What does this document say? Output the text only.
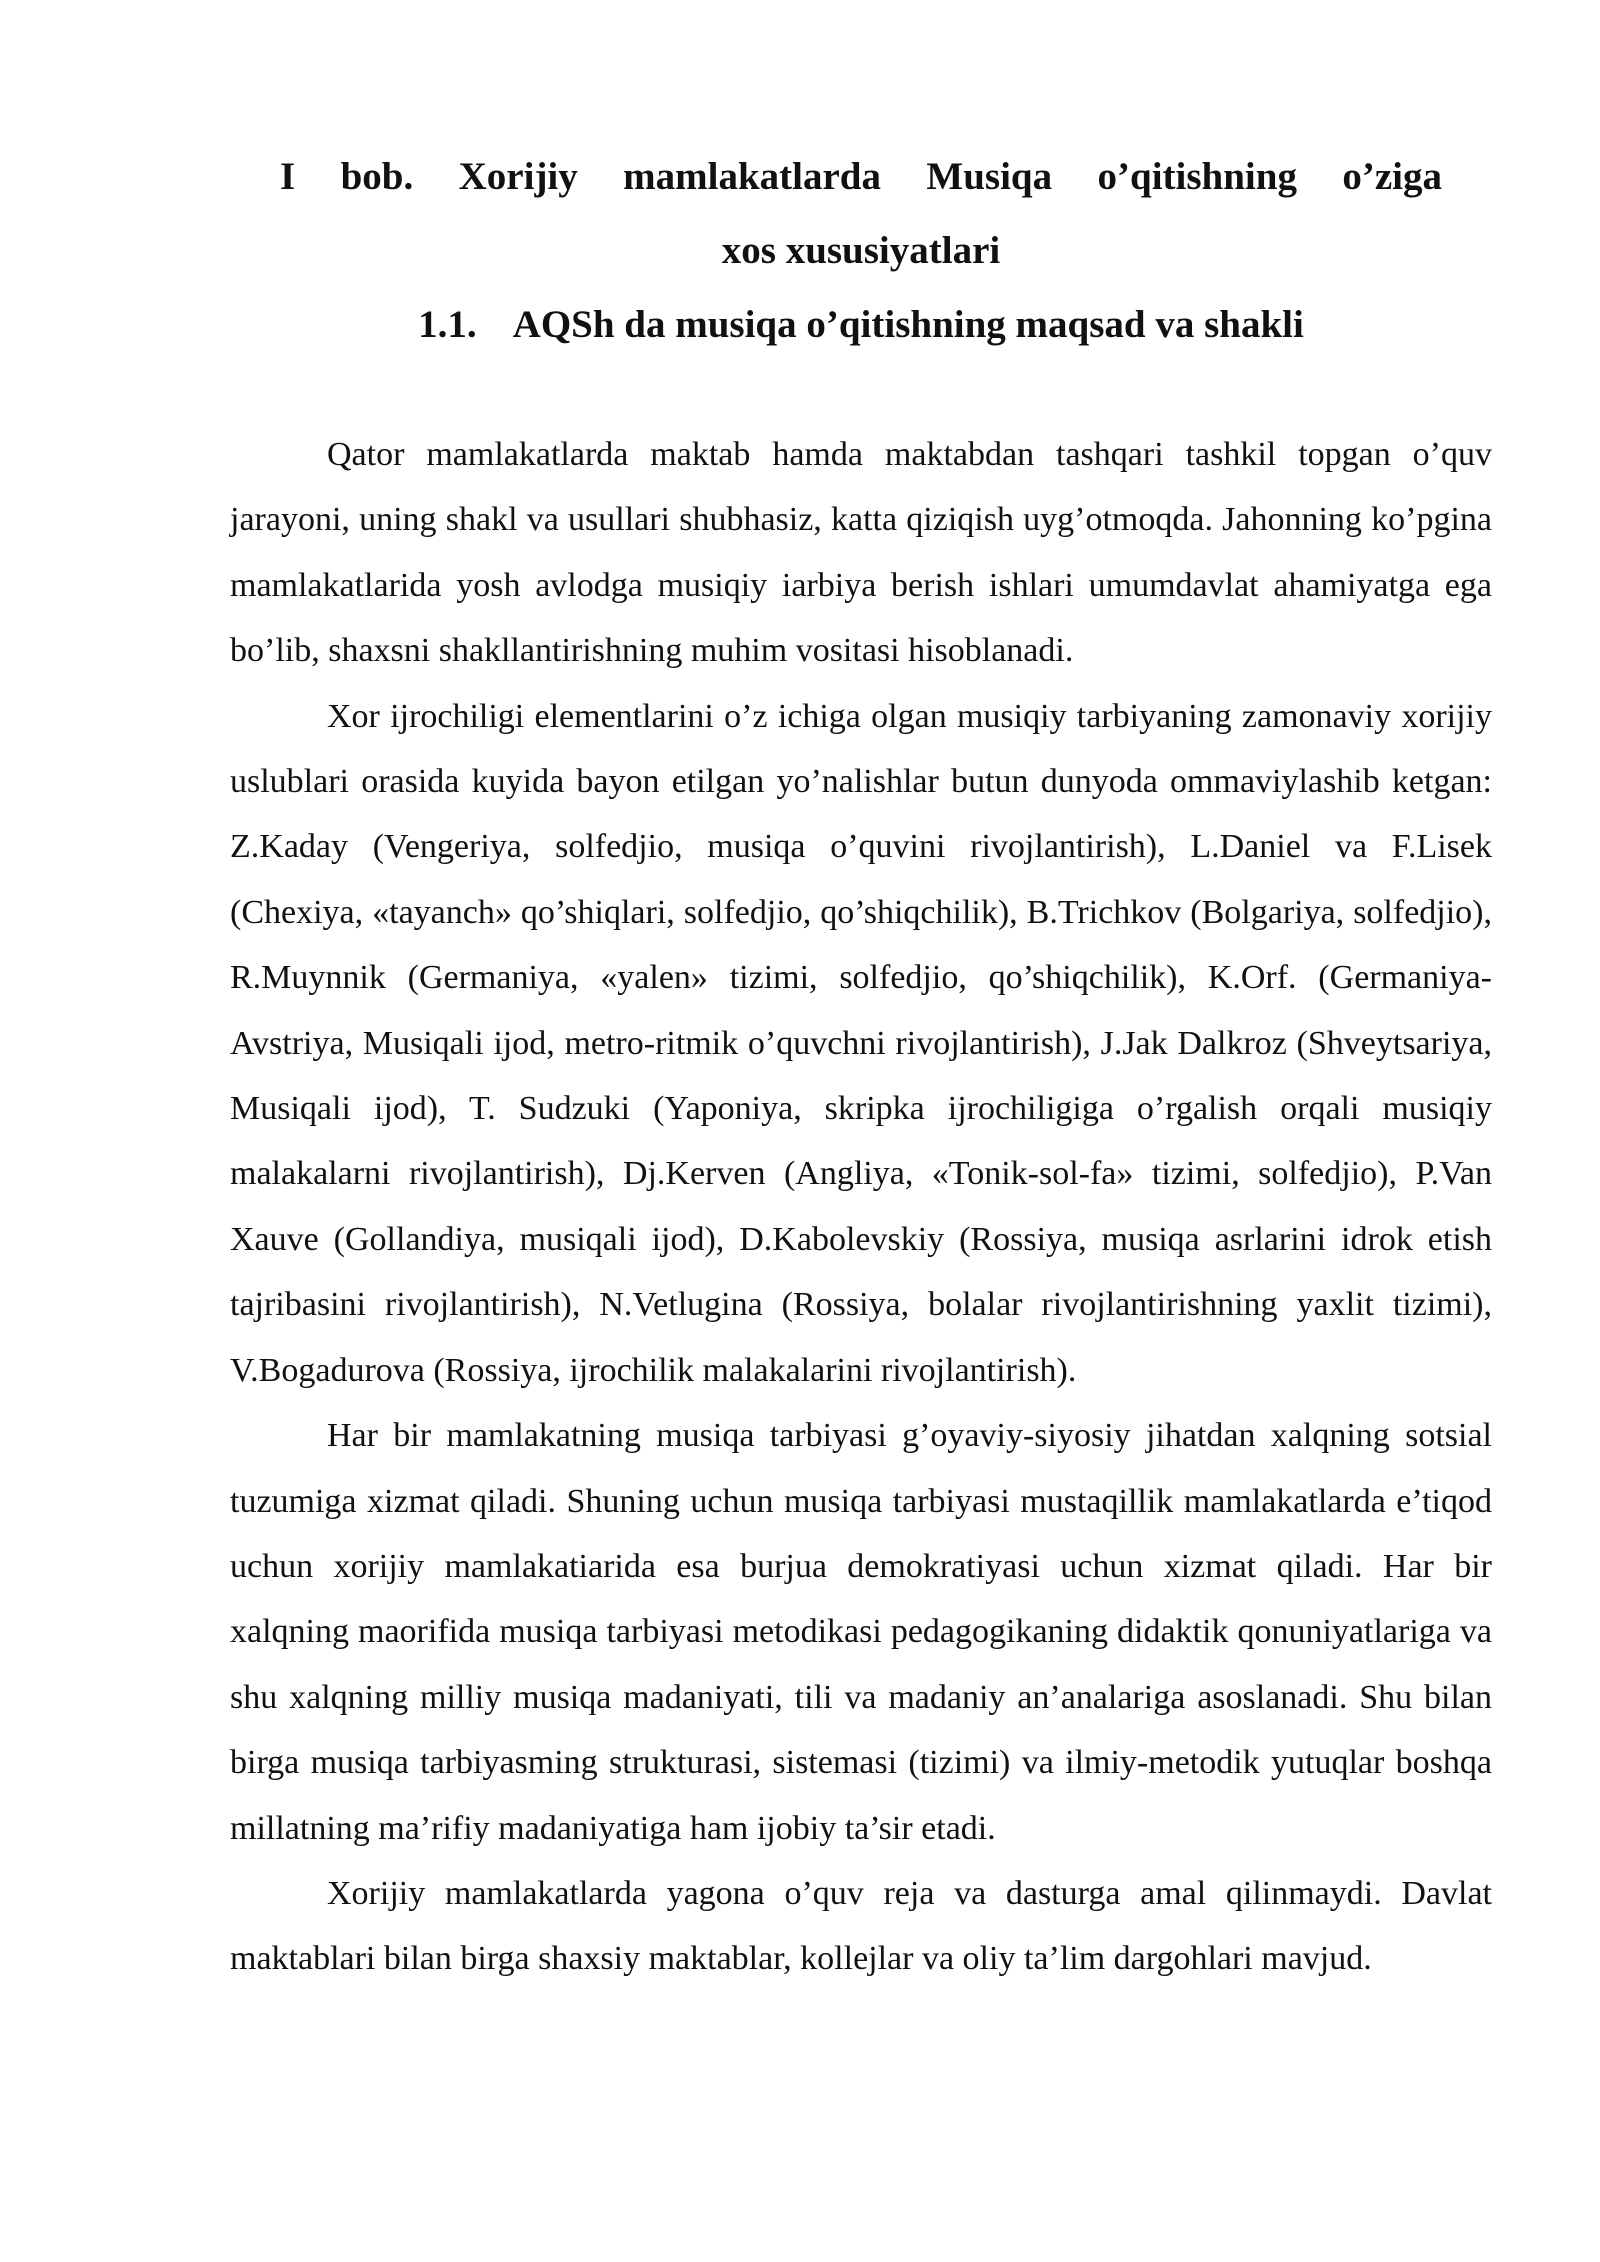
I bob. Xorijiy mamlakatlarda Musiqa o’qitishning o’ziga
xos xususiyatlari
1.1. AQSh da musiqa o’qitishning maqsad va shakli

Qator mamlakatlarda maktab hamda maktabdan tashqari tashkil topgan o’quv jarayoni, uning shakl va usullari shubhasiz, katta qiziqish uyg’otmoqda. Jahonning ko’pgina mamlakatlarida yosh avlodga musiqiy iarbiya berish ishlari umumdavlat ahamiyatga ega bo’lib, shaxsni shakllantirishning muhim vositasi hisoblanadi.

Xor ijrochiligi elementlarini o’z ichiga olgan musiqiy tarbiyaning zamonaviy xorijiy uslublari orasida kuyida bayon etilgan yo’nalishlar butun dunyoda ommaviylashib ketgan: Z.Kaday (Vengeriya, solfedjio, musiqa o’quvini rivojlantirish), L.Daniel va F.Lisek (Chexiya, «tayanch» qo’shiqlari, solfedjio, qo’shiqchilik), B.Trichkov (Bolgariya, solfedjio), R.Muynnik (Germaniya, «yalen» tizimi, solfedjio, qo’shiqchilik), K.Orf. (Germaniya-Avstriya, Musiqali ijod, metro-ritmik o’quvchni rivojlantirish), J.Jak Dalkroz (Shveytsariya, Musiqali ijod), T. Sudzuki (Yaponiya, skripka ijrochiligiga o’rgalish orqali musiqiy malakalarni rivojlantirish), Dj.Kerven (Angliya, «Tonik-sol-fa» tizimi, solfedjio), P.Van Xauve (Gollandiya, musiqali ijod), D.Kabolevskiy (Rossiya, musiqa asrlarini idrok etish tajribasini rivojlantirish), N.Vetlugina (Rossiya, bolalar rivojlantirishning yaxlit tizimi), V.Bogadurova (Rossiya, ijrochilik malakalarini rivojlantirish).

Har bir mamlakatning musiqa tarbiyasi g’oyaviy-siyosiy jihatdan xalqning sotsial tuzumiga xizmat qiladi. Shuning uchun musiqa tarbiyasi mustaqillik mamlakatlarda e’tiqod uchun xorijiy mamlakatiarida esa burjua demokratiyasi uchun xizmat qiladi. Har bir xalqning maorifida musiqa tarbiyasi metodikasi pedagogikaning didaktik qonuniyatlariga va shu xalqning milliy musiqa madaniyati, tili va madaniy an’analariga asoslanadi. Shu bilan birga musiqa tarbiyasming strukturasi, sistemasi (tizimi) va ilmiy-metodik yutuqlar boshqa millatning ma’rifiy madaniyatiga ham ijobiy ta’sir etadi.

Xorijiy mamlakatlarda yagona o’quv reja va dasturga amal qilinmaydi. Davlat maktablari bilan birga shaxsiy maktablar, kollejlar va oliy ta’lim dargohlari mavjud.
